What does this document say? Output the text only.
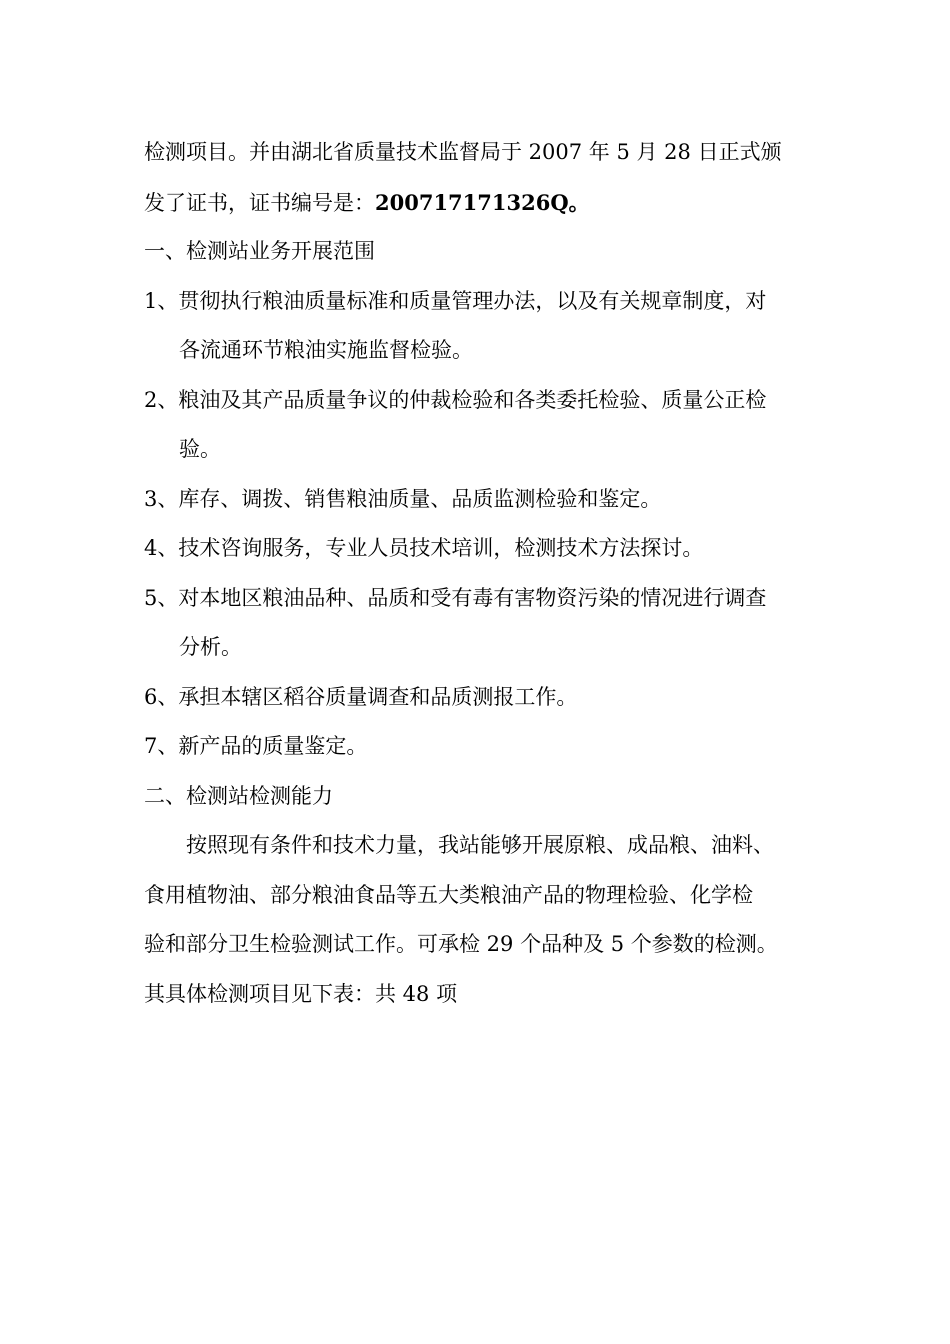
检测项目。并由湖北省质量技术监督局于 2007 年 5 月 28 日正式颁
发了证书，证书编号是：200717171326Q。
一、检测站业务开展范围
1、贯彻执行粮油质量标准和质量管理办法，以及有关规章制度，对
各流通环节粮油实施监督检验。
2、粮油及其产品质量争议的仲裁检验和各类委托检验、质量公正检
验。
3、库存、调拨、销售粮油质量、品质监测检验和鉴定。
4、技术咨询服务，专业人员技术培训，检测技术方法探讨。
5、对本地区粮油品种、品质和受有毒有害物资污染的情况进行调查
分析。
6、承担本辖区稻谷质量调查和品质测报工作。
7、新产品的质量鉴定。
二、检测站检测能力
按照现有条件和技术力量，我站能够开展原粮、成品粮、油料、
食用植物油、部分粮油食品等五大类粮油产品的物理检验、化学检
验和部分卫生检验测试工作。可承检 29 个品种及 5 个参数的检测。
其具体检测项目见下表：共 48 项
